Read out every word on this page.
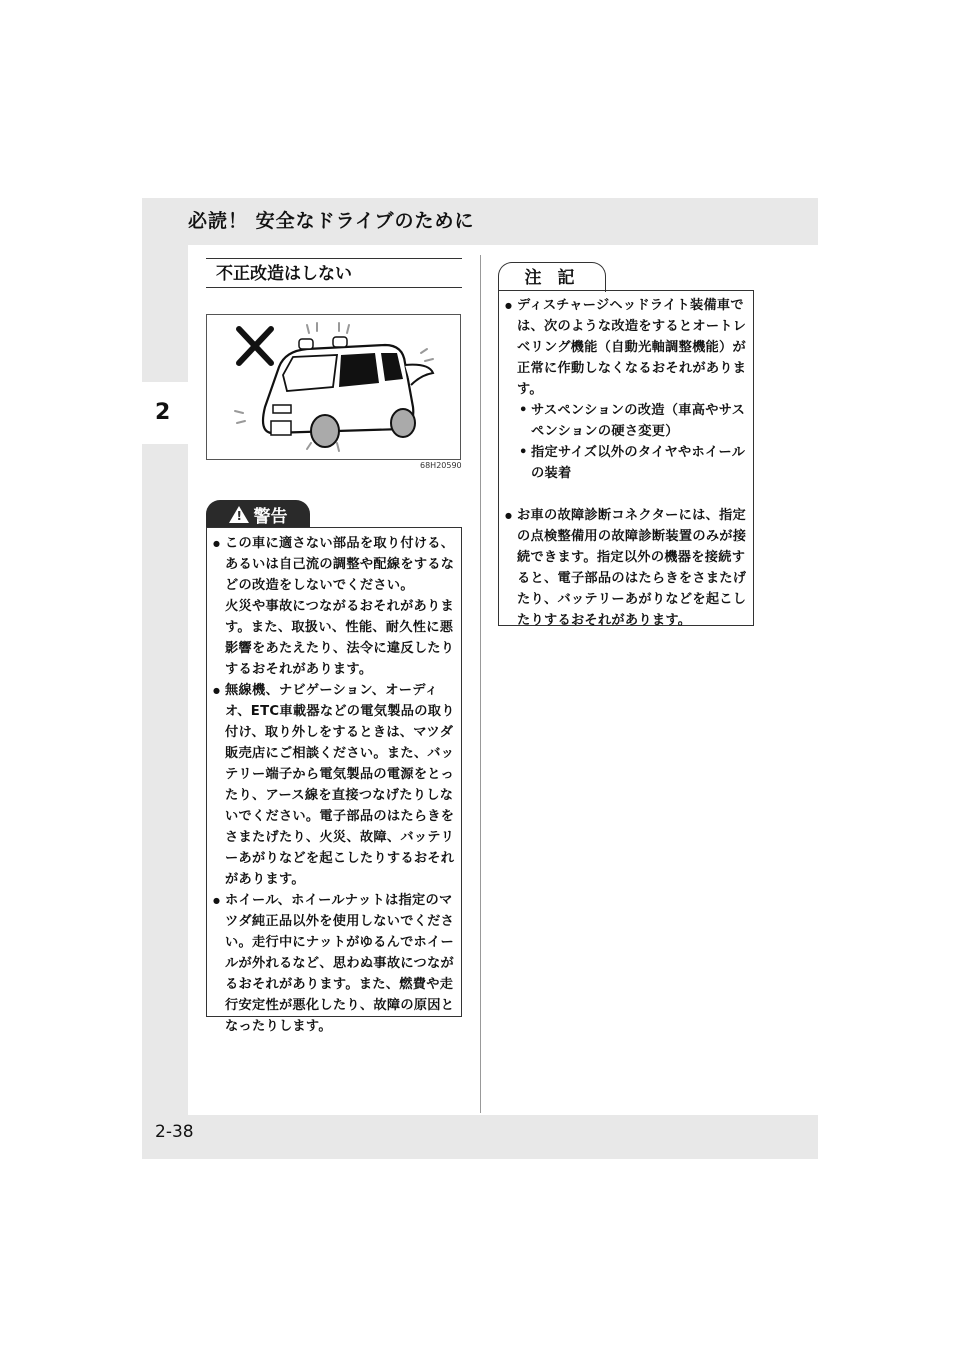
2
必読！ 安全なドライブのために
2-38
不正改造はしない
68H20590
! 警告
● この車に適さない部品を取り付ける、あるいは自己流の調整や配線をするなどの改造をしないでください。
火災や事故につながるおそれがあります。また、取扱い、性能、耐久性に悪影響をあたえたり、法令に違反したりするおそれがあります。
● 無線機、ナビゲーション、オーディオ、ETC車載器などの電気製品の取り付け、取り外しをするときは、マツダ販売店にご相談ください。また、バッテリー端子から電気製品の電源をとったり、アース線を直接つなげたりしないでください。電子部品のはたらきをさまたげたり、火災、故障、バッテリーあがりなどを起こしたりするおそれがあります。
● ホイール、ホイールナットは指定のマツダ純正品以外を使用しないでください。走行中にナットがゆるんでホイールが外れるなど、思わぬ事故につながるおそれがあります。また、燃費や走行安定性が悪化したり、故障の原因となったりします。
注 記
● ディスチャージヘッドライト装備車では、次のような改造をするとオートレベリング機能（自動光軸調整機能）が正常に作動しなくなるおそれがあります。
• サスペンションの改造（車高やサスペンションの硬さ変更）
• 指定サイズ以外のタイヤやホイールの装着
● お車の故障診断コネクターには、指定の点検整備用の故障診断装置のみが接続できます。指定以外の機器を接続すると、電子部品のはたらきをさまたげたり、バッテリーあがりなどを起こしたりするおそれがあります。
